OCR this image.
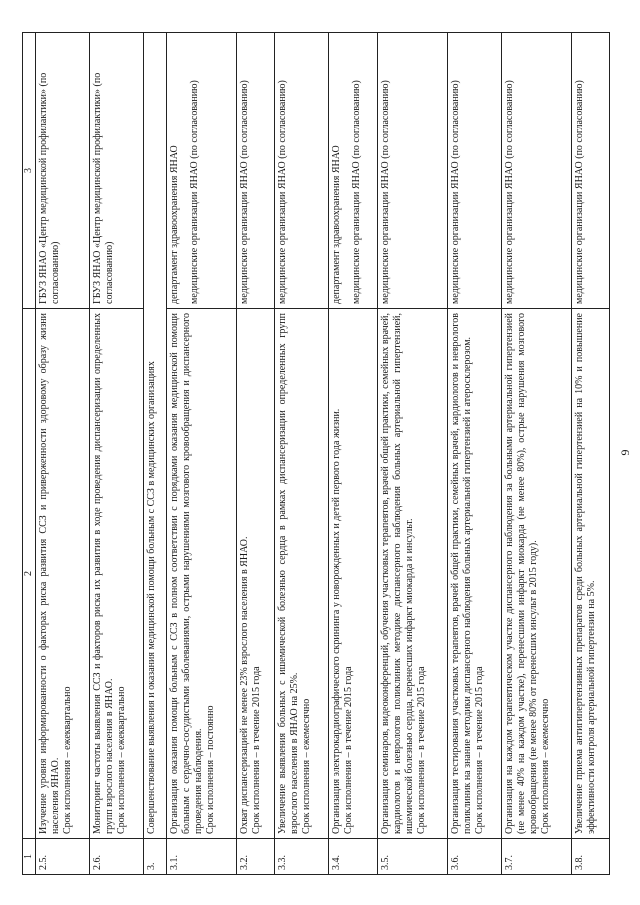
9
1	2	3
2.5.	Изучение уровня информированности о факторах риска развития ССЗ и приверженности здоровому образу жизни населения ЯНАО. Срок исполнения – ежеквартально	ГБУЗ ЯНАО «Центр медицинской профилактики» (по согласованию)

2.6.	Мониторинг частоты выявления ССЗ и факторов риска их развития в ходе проведения диспансеризации определенных групп взрослого населения в ЯНАО. Срок исполнения – ежеквартально	ГБУЗ ЯНАО «Центр медицинской профилактики» (по согласованию)

3.	Совершенствование выявления и оказания медицинской помощи больным с ССЗ в медицинских организациях	
3.1.	Организация оказания помощи больным с ССЗ в полном соответствии с порядками оказания медицинской помощи больным с сердечно-сосудистыми заболеваниями, острыми нарушениями мозгового кровообращения и диспансерного проведения наблюдения. Срок исполнения – постоянно	департамент здравоохранения ЯНАО медицинские организации ЯНАО (по согласованию)

3.2.	Охват диспансеризацией не менее 23% взрослого населения в ЯНАО. Срок исполнения – в течение 2015 года	медицинские организации ЯНАО (по согласованию)

3.3.	Увеличение выявления больных с ишемической болезнью сердца в рамках диспансеризации определенных групп взрослого населения в ЯНАО на 25%. Срок исполнения – ежемесячно	медицинские организации ЯНАО (по согласованию)

3.4.	Организация электрокардиографического скрининга у новорожденных и детей первого года жизни. Срок исполнения – в течение 2015 года	департамент здравоохранения ЯНАО медицинские организации ЯНАО (по согласованию)

3.5.	Организация семинаров, видеоконференций, обучения участковых терапевтов, врачей общей практики, семейных врачей, кардиологов и неврологов поликлиник методике диспансерного наблюдения больных артериальной гипертензией, ишемической болезнью сердца, перенесших инфаркт миокарда и инсульт. Срок исполнения – в течение 2015 года	медицинские организации ЯНАО (по согласованию)

3.6.	Организация тестирования участковых терапевтов, врачей общей практики, семейных врачей, кардиологов и неврологов поликлиник на знание методики диспансерного наблюдения больных артериальной гипертензией и атеросклерозом. Срок исполнения – в течение 2015 года	медицинские организации ЯНАО (по согласованию)

3.7.	Организация на каждом терапевтическом участке диспансерного наблюдения за больными артериальной гипертензией (не менее 40% на каждом участке), перенесшими инфаркт миокарда (не менее 80%), острые нарушения мозгового кровообращения (не менее 80% от перенесших инсульт в 2015 году). Срок исполнения – ежемесячно	медицинские организации ЯНАО (по согласованию)

3.8.	Увеличение приема антигипертензивных препаратов среди больных артериальной гипертензией на 10% и повышение эффективности контроля артериальной гипертензии на 5%.	медицинские организации ЯНАО (по согласованию)
